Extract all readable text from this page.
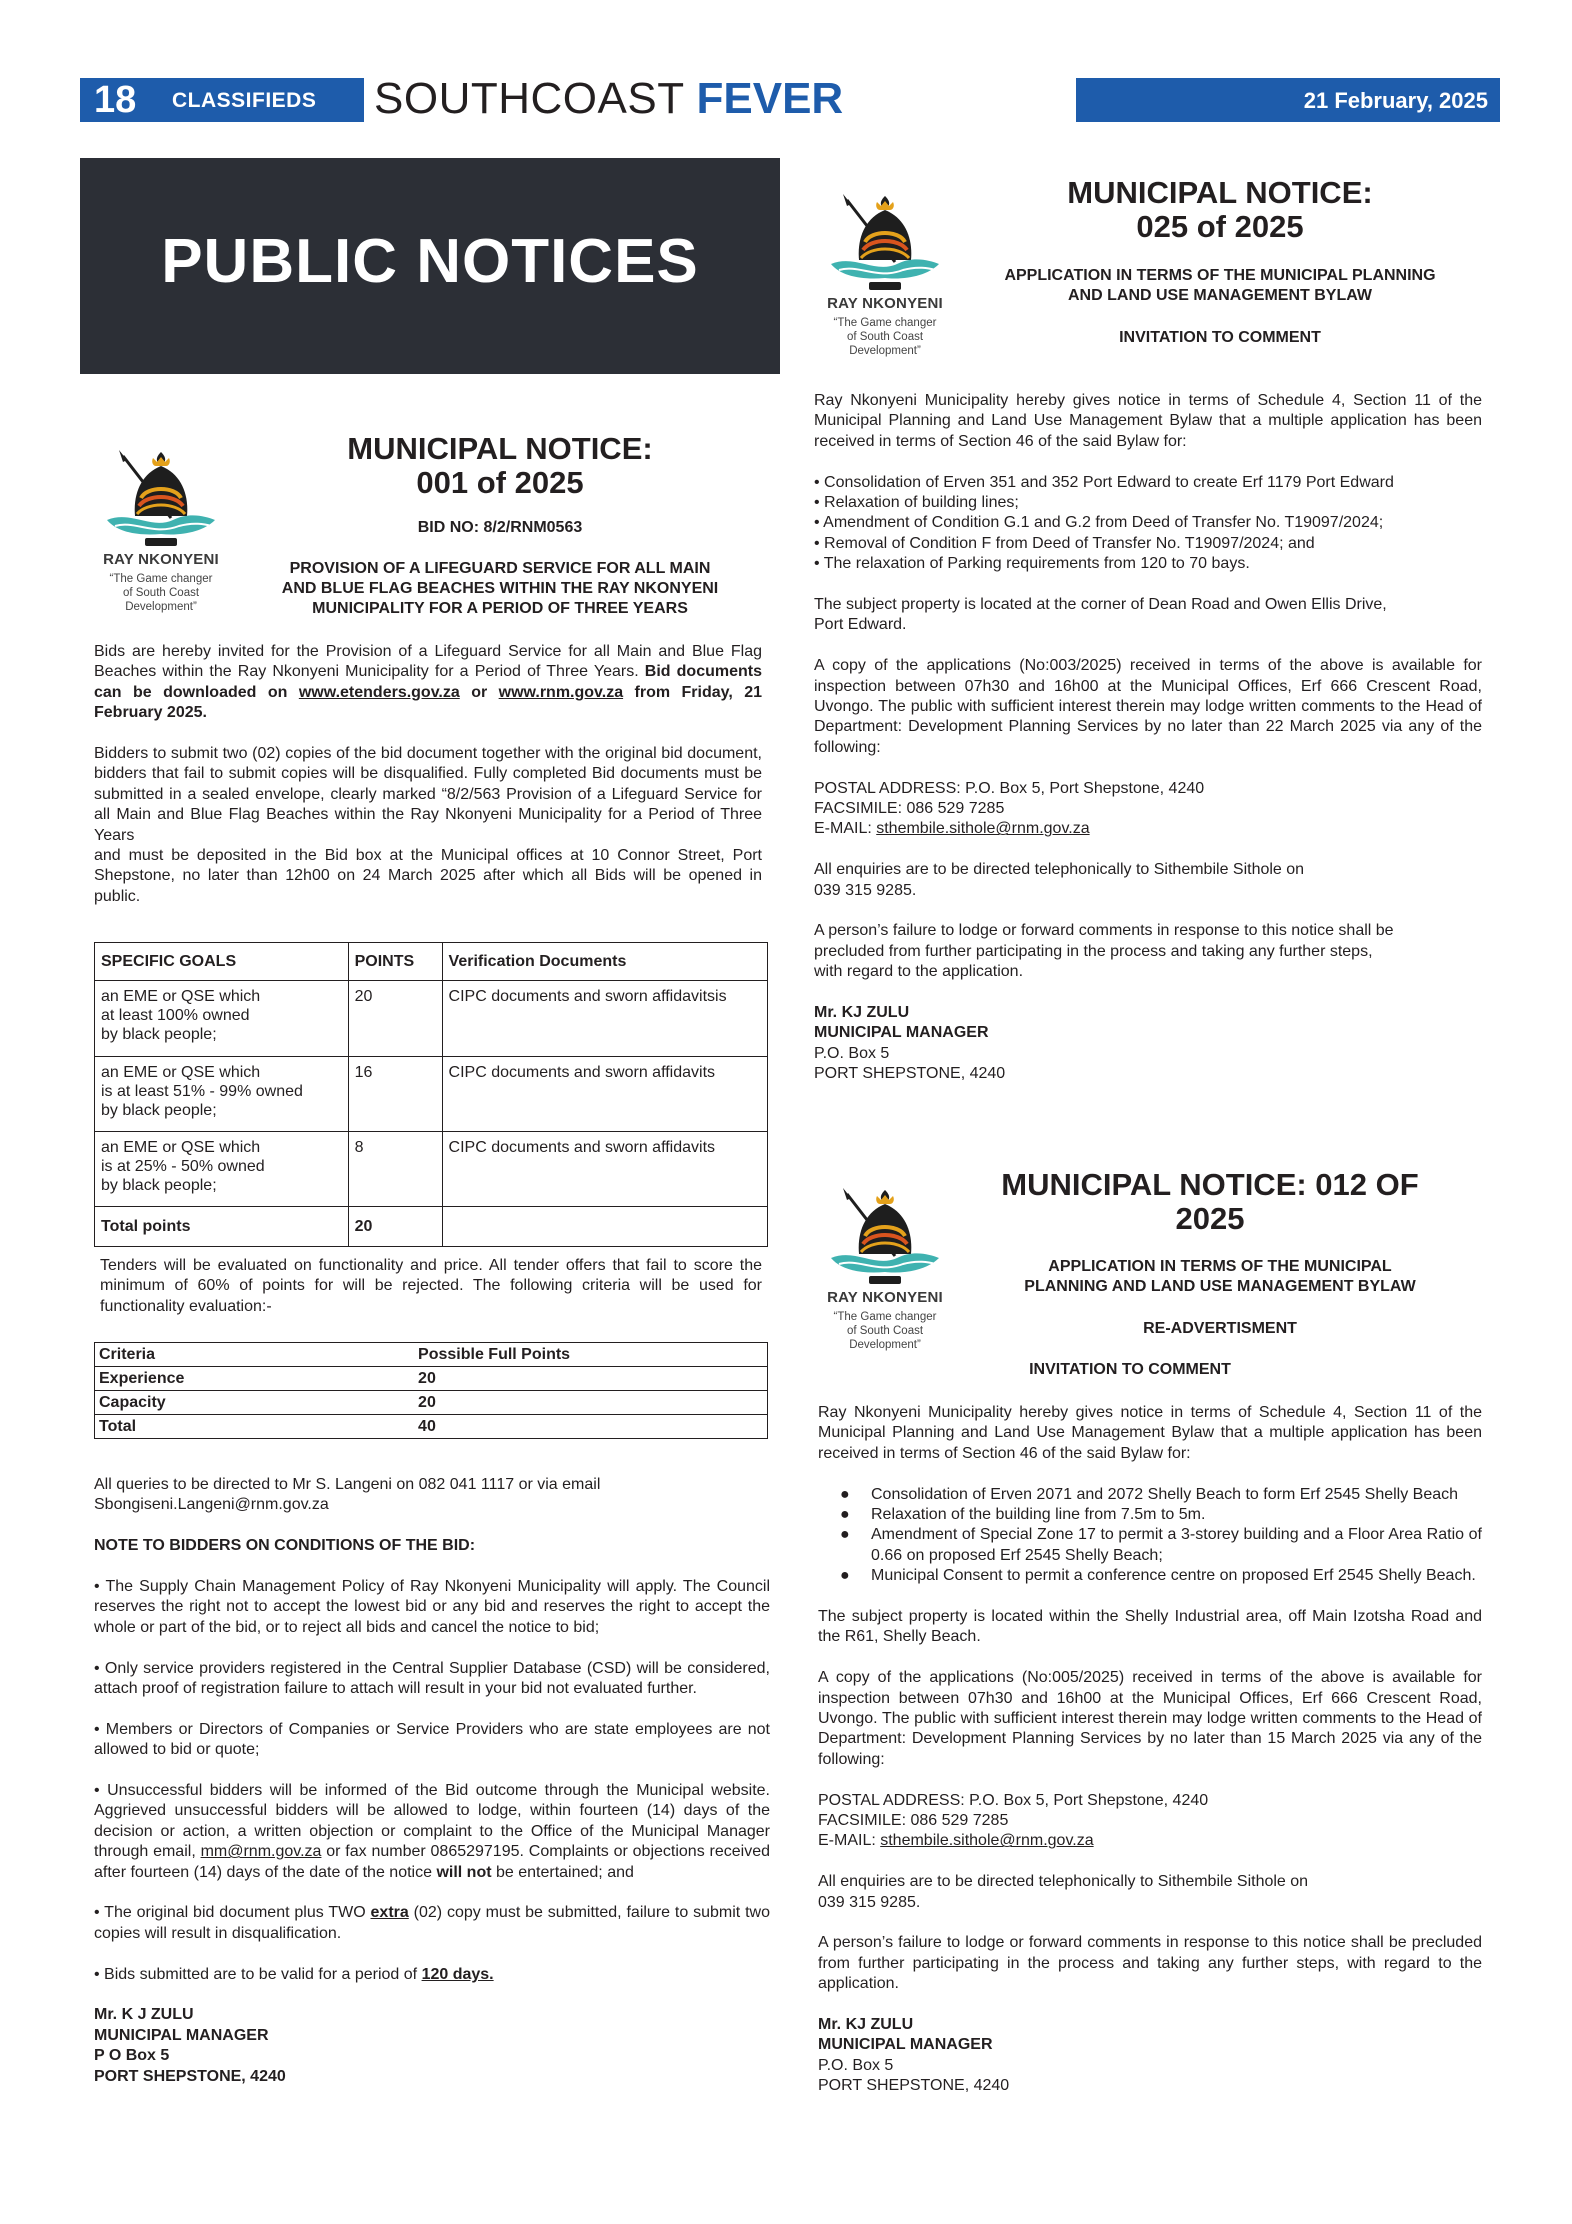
18 CLASSIFIEDS SOUTHCOAST FEVER	21 February, 2025
PUBLIC NOTICES
RAY NKONYENI
“The Game changer
of South Coast
Development”
RAY NKONYENI
“The Game changer
of South Coast
Development”
RAY NKONYENI
“The Game changer
of South Coast
Development”
MUNICIPAL NOTICE:
001 of 2025
BID NO: 8/2/RNM0563
PROVISION OF A LIFEGUARD SERVICE FOR ALL MAIN
AND BLUE FLAG BEACHES WITHIN THE RAY NKONYENI
MUNICIPALITY FOR A PERIOD OF THREE YEARS
Bids are hereby invited for the Provision of a Lifeguard Service for all Main and Blue Flag Beaches within the Ray Nkonyeni Municipality for a Period of Three Years. Bid documents can be downloaded on www.etenders.gov.za or www.rnm.gov.za from Friday, 21 February 2025.
Bidders to submit two (02) copies of the bid document together with the original bid document, bidders that fail to submit copies will be disqualified. Fully completed Bid documents must be submitted in a sealed envelope, clearly marked “8/2/563 Provision of a Lifeguard Service for all Main and Blue Flag Beaches within the Ray Nkonyeni Municipality for a Period of Three Years
and must be deposited in the Bid box at the Municipal offices at 10 Connor Street, Port Shepstone, no later than 12h00 on 24 March 2025 after which all Bids will be opened in public.
SPECIFIC GOALS	POINTS	Verification Documents

an EME or QSE which
at least 100% owned
by black people;	20	CIPC documents and sworn affidavitsis

an EME or QSE which
is at least 51% - 99% owned
by black people;	16	CIPC documents and sworn affidavits

an EME or QSE which
is at 25% - 50% owned
by black people;	8	CIPC documents and sworn affidavits
Total points	20	
Tenders will be evaluated on functionality and price. All tender offers that fail to score the minimum of 60% of points for will be rejected. The following criteria will be used for functionality evaluation:-
Criteria	Possible Full Points
Experience	20
Capacity	20
Total	40
All queries to be directed to Mr S. Langeni on 082 041 1117 or via email
Sbongiseni.Langeni@rnm.gov.za
NOTE TO BIDDERS ON CONDITIONS OF THE BID:
• The Supply Chain Management Policy of Ray Nkonyeni Municipality will apply. The Council reserves the right not to accept the lowest bid or any bid and reserves the right to accept the whole or part of the bid, or to reject all bids and cancel the notice to bid;
• Only service providers registered in the Central Supplier Database (CSD) will be considered, attach proof of registration failure to attach will result in your bid not evaluated further.
• Members or Directors of Companies or Service Providers who are state employees are not allowed to bid or quote;
• Unsuccessful bidders will be informed of the Bid outcome through the Municipal website. Aggrieved unsuccessful bidders will be allowed to lodge, within fourteen (14) days of the decision or action, a written objection or complaint to the Office of the Municipal Manager through email, mm@rnm.gov.za or fax number 0865297195. Complaints or objections received after fourteen (14) days of the date of the notice will not be entertained; and
• The original bid document plus TWO extra (02) copy must be submitted, failure to submit two copies will result in disqualification.
• Bids submitted are to be valid for a period of 120 days.
Mr. K J ZULU
MUNICIPAL MANAGER
P O Box 5
PORT SHEPSTONE, 4240
MUNICIPAL NOTICE:
025 of 2025
APPLICATION IN TERMS OF THE MUNICIPAL PLANNING
AND LAND USE MANAGEMENT BYLAW
INVITATION TO COMMENT
Ray Nkonyeni Municipality hereby gives notice in terms of Schedule 4, Section 11 of the Municipal Planning and Land Use Management Bylaw that a multiple application has been received in terms of Section 46 of the said Bylaw for:
• Consolidation of Erven 351 and 352 Port Edward to create Erf 1179 Port Edward
• Relaxation of building lines;
• Amendment of Condition G.1 and G.2 from Deed of Transfer No. T19097/2024;
• Removal of Condition F from Deed of Transfer No. T19097/2024; and
• The relaxation of Parking requirements from 120 to 70 bays.
The subject property is located at the corner of Dean Road and Owen Ellis Drive,
Port Edward.
A copy of the applications (No:003/2025) received in terms of the above is available for inspection between 07h30 and 16h00 at the Municipal Offices, Erf 666 Crescent Road, Uvongo. The public with sufficient interest therein may lodge written comments to the Head of Department: Development Planning Services by no later than 22 March 2025 via any of the following:
POSTAL ADDRESS: P.O. Box 5, Port Shepstone, 4240
FACSIMILE: 086 529 7285
E-MAIL: sthembile.sithole@rnm.gov.za
All enquiries are to be directed telephonically to Sithembile Sithole on
039 315 9285.
A person’s failure to lodge or forward comments in response to this notice shall be
precluded from further participating in the process and taking any further steps,
with regard to the application.
Mr. KJ ZULU
MUNICIPAL MANAGER
P.O. Box 5
PORT SHEPSTONE, 4240
MUNICIPAL NOTICE: 012 OF
2025
APPLICATION IN TERMS OF THE MUNICIPAL
PLANNING AND LAND USE MANAGEMENT BYLAW
RE-ADVERTISMENT
INVITATION TO COMMENT
Ray Nkonyeni Municipality hereby gives notice in terms of Schedule 4, Section 11 of the Municipal Planning and Land Use Management Bylaw that a multiple application has been received in terms of Section 46 of the said Bylaw for:
● Consolidation of Erven 2071 and 2072 Shelly Beach to form Erf 2545 Shelly Beach
● Relaxation of the building line from 7.5m to 5m.
● Amendment of Special Zone 17 to permit a 3-storey building and a Floor Area Ratio of 0.66 on proposed Erf 2545 Shelly Beach;
● Municipal Consent to permit a conference centre on proposed Erf 2545 Shelly Beach.
The subject property is located within the Shelly Industrial area, off Main Izotsha Road and the R61, Shelly Beach.
A copy of the applications (No:005/2025) received in terms of the above is available for inspection between 07h30 and 16h00 at the Municipal Offices, Erf 666 Crescent Road, Uvongo. The public with sufficient interest therein may lodge written comments to the Head of Department: Development Planning Services by no later than 15 March 2025 via any of the following:
POSTAL ADDRESS: P.O. Box 5, Port Shepstone, 4240
FACSIMILE: 086 529 7285
E-MAIL: sthembile.sithole@rnm.gov.za
All enquiries are to be directed telephonically to Sithembile Sithole on
039 315 9285.
A person’s failure to lodge or forward comments in response to this notice shall be precluded from further participating in the process and taking any further steps, with regard to the application.
Mr. KJ ZULU
MUNICIPAL MANAGER
P.O. Box 5
PORT SHEPSTONE, 4240
